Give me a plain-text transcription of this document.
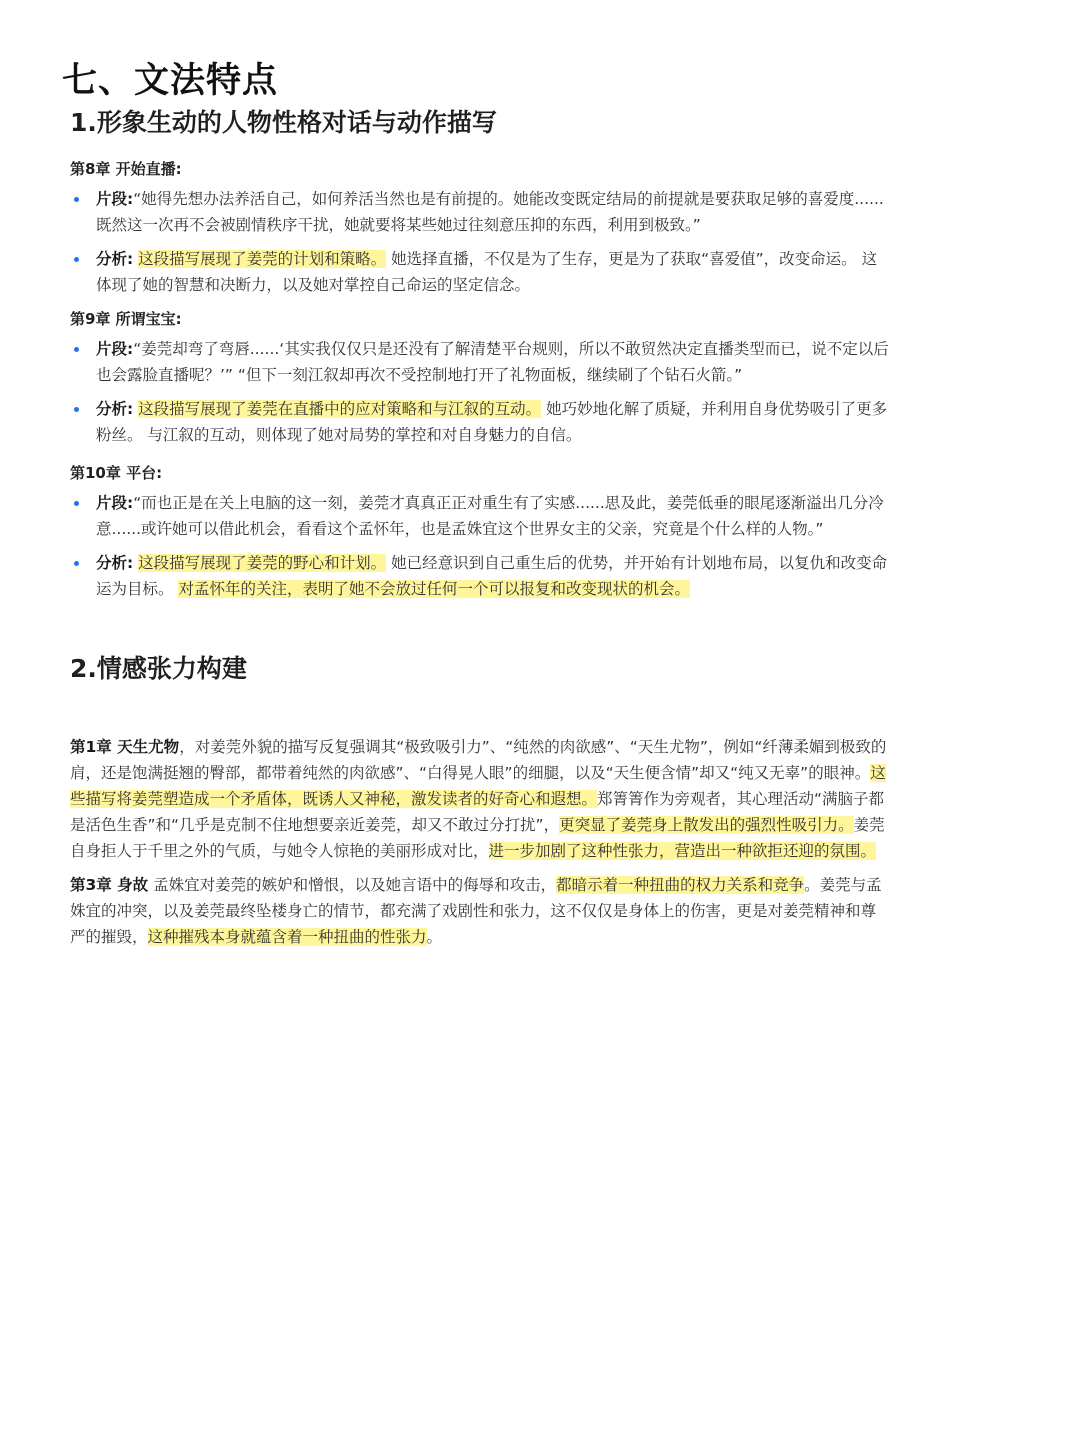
七、文法特点
1.形象生动的人物性格对话与动作描写

第8章 开始直播:

片段:“她得先想办法养活自己，如何养活当然也是有前提的。她能改变既定结局的前提就是要获取足够的喜爱度......既然这一次再不会被剧情秩序干扰，她就要将某些她过往刻意压抑的东西，利用到极致。”
分析: 这段描写展现了姜莞的计划和策略。 她选择直播，不仅是为了生存，更是为了获取“喜爱值”，改变命运。 这体现了她的智慧和决断力，以及她对掌控自己命运的坚定信念。

第9章 所谓宝宝:

片段:“姜莞却弯了弯唇......‘其实我仅仅只是还没有了解清楚平台规则，所以不敢贸然决定直播类型而已，说不定以后也会露脸直播呢？’” “但下一刻江叙却再次不受控制地打开了礼物面板，继续刷了个钻石火箭。”
分析: 这段描写展现了姜莞在直播中的应对策略和与江叙的互动。 她巧妙地化解了质疑，并利用自身优势吸引了更多粉丝。 与江叙的互动，则体现了她对局势的掌控和对自身魅力的自信。

第10章 平台:

片段:“而也正是在关上电脑的这一刻，姜莞才真真正正对重生有了实感......思及此，姜莞低垂的眼尾逐渐溢出几分冷意......或许她可以借此机会，看看这个孟怀年，也是孟姝宜这个世界女主的父亲，究竟是个什么样的人物。”
分析: 这段描写展现了姜莞的野心和计划。 她已经意识到自己重生后的优势，并开始有计划地布局，以复仇和改变命运为目标。 对孟怀年的关注，表明了她不会放过任何一个可以报复和改变现状的机会。
2.情感张力构建

第1章 天生尤物，对姜莞外貌的描写反复强调其“极致吸引力”、“纯然的肉欲感”、“天生尤物”，例如“纤薄柔媚到极致的肩，还是饱满挺翘的臀部，都带着纯然的肉欲感”、“白得晃人眼”的细腿，以及“天生便含情”却又“纯又无辜”的眼神。这些描写将姜莞塑造成一个矛盾体，既诱人又神秘，激发读者的好奇心和遐想。郑箐箐作为旁观者，其心理活动“满脑子都是活色生香”和“几乎是克制不住地想要亲近姜莞，却又不敢过分打扰”，更突显了姜莞身上散发出的强烈性吸引力。姜莞自身拒人于千里之外的气质，与她令人惊艳的美丽形成对比，进一步加剧了这种性张力，营造出一种欲拒还迎的氛围。

第3章 身故 孟姝宜对姜莞的嫉妒和憎恨，以及她言语中的侮辱和攻击，都暗示着一种扭曲的权力关系和竞争。姜莞与孟姝宜的冲突，以及姜莞最终坠楼身亡的情节，都充满了戏剧性和张力，这不仅仅是身体上的伤害，更是对姜莞精神和尊严的摧毁，这种摧残本身就蕴含着一种扭曲的性张力。
